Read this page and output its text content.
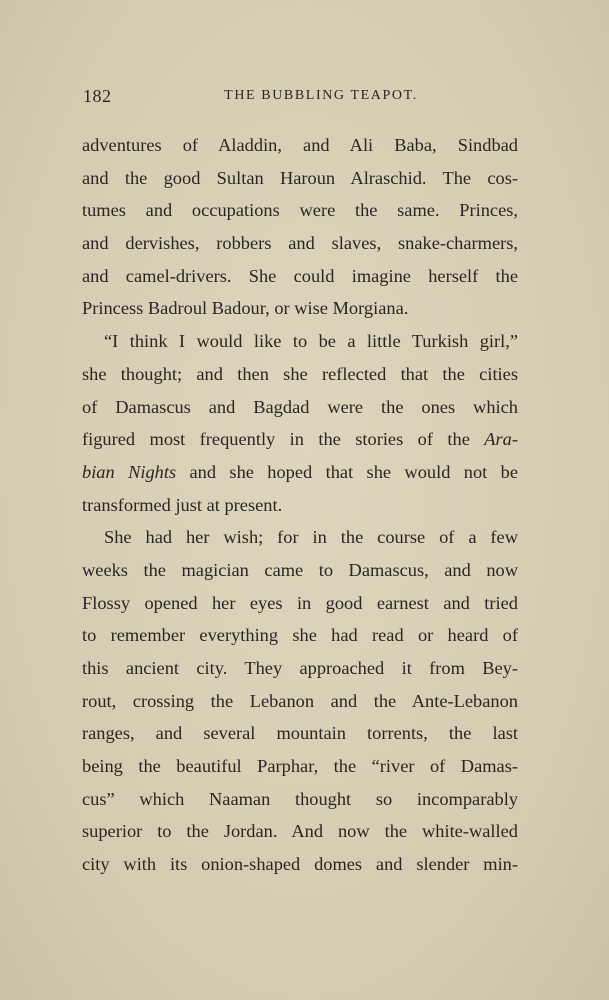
182	THE BUBBLING TEAPOT.
adventures of Aladdin, and Ali Baba, Sindbad
and the good Sultan Haroun Alraschid. The cos-
tumes and occupations were the same. Princes,
and dervishes, robbers and slaves, snake-charmers,
and camel-drivers. She could imagine herself the
Princess Badroul Badour, or wise Morgiana.
“I think I would like to be a little Turkish girl,”
she thought; and then she reflected that the cities
of Damascus and Bagdad were the ones which
figured most frequently in the stories of the Ara-
bian Nights and she hoped that she would not be
transformed just at present.
She had her wish; for in the course of a few
weeks the magician came to Damascus, and now
Flossy opened her eyes in good earnest and tried
to remember everything she had read or heard of
this ancient city. They approached it from Bey-
rout, crossing the Lebanon and the Ante-Lebanon
ranges, and several mountain torrents, the last
being the beautiful Parphar, the “river of Damas-
cus” which Naaman thought so incomparably
superior to the Jordan. And now the white-walled
city with its onion-shaped domes and slender min-
